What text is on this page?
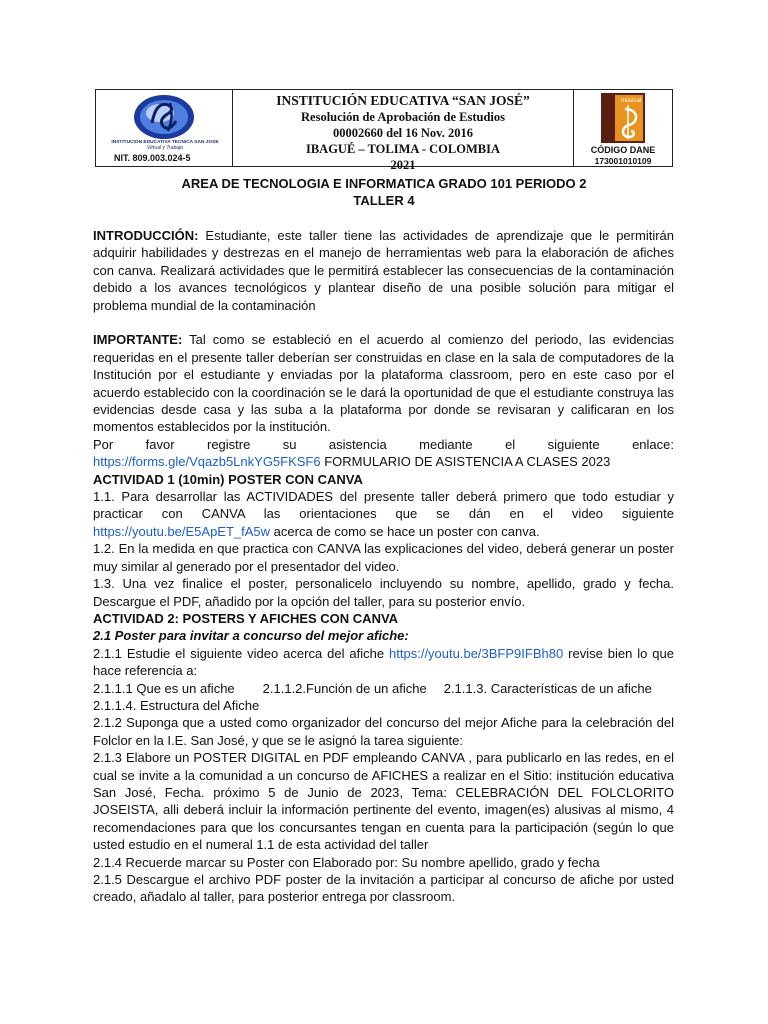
INSTITUCION EDUCATIVA TECNICA SAN JOSE
Virtual y Trabajo
NIT. 809.003.024-5
INSTITUCIÓN EDUCATIVA “SAN JOSÉ”
Resolución de Aprobación de Estudios
00002660 del 16 Nov. 2016
IBAGUÉ – TOLIMA - COLOMBIA
2021
musical
CÓDIGO DANE
173001010109
AREA DE TECNOLOGIA E INFORMATICA GRADO 101 PERIODO 2
TALLER 4

INTRODUCCIÓN: Estudiante, este taller tiene las actividades de aprendizaje que le permitirán adquirir habilidades y destrezas en el manejo de herramientas web para la elaboración de afiches con canva. Realizará actividades que le permitirá establecer las consecuencias de la contaminación debido a los avances tecnológicos y plantear diseño de una posible solución para mitigar el problema mundial de la contaminación

IMPORTANTE: Tal como se estableció en el acuerdo al comienzo del periodo, las evidencias requeridas en el presente taller deberían ser construidas en clase en la sala de computadores de la Institución por el estudiante y enviadas por la plataforma classroom, pero en este caso por el acuerdo establecido con la coordinación se le dará la oportunidad de que el estudiante construya las evidencias desde casa y las suba a la plataforma por donde se revisaran y calificaran en los momentos establecidos por la institución.

Por favor registre su asistencia mediante el siguiente enlace:

https://forms.gle/Vqazb5LnkYG5FKSF6 FORMULARIO DE ASISTENCIA A CLASES 2023

ACTIVIDAD 1 (10min) POSTER CON CANVA

1.1. Para desarrollar las ACTIVIDADES del presente taller deberá primero que todo estudiar y practicar con CANVA las orientaciones que se dán en el video siguiente https://youtu.be/E5ApET_fA5w acerca de como se hace un poster con canva.

1.2. En la medida en que practica con CANVA las explicaciones del video, deberá generar un poster muy similar al generado por el presentador del video.

1.3. Una vez finalice el poster, personalicelo incluyendo su nombre, apellido, grado y fecha. Descargue el PDF, añadido por la opción del taller, para su posterior envío.

ACTIVIDAD 2: POSTERS Y AFICHES CON CANVA

2.1 Poster para invitar a concurso del mejor afiche:

2.1.1 Estudie el siguiente video acerca del afiche https://youtu.be/3BFP9IFBh80 revise bien lo que hace referencia a:

2.1.1.1 Que es un afiche 2.1.1.2.Función de un afiche 2.1.1.3. Características de un afiche

2.1.1.4. Estructura del Afiche

2.1.2 Suponga que a usted como organizador del concurso del mejor Afiche para la celebración del Folclor en la I.E. San José, y que se le asignó la tarea siguiente:

2.1.3 Elabore un POSTER DIGITAL en PDF empleando CANVA , para publicarlo en las redes, en el cual se invite a la comunidad a un concurso de AFICHES a realizar en el Sitio: institución educativa San José, Fecha. próximo 5 de Junio de 2023, Tema: CELEBRACIÓN DEL FOLCLORITO JOSEISTA, alli deberá incluir la información pertinente del evento, imagen(es) alusivas al mismo, 4 recomendaciones para que los concursantes tengan en cuenta para la participación (según lo que usted estudio en el numeral 1.1 de esta actividad del taller

2.1.4 Recuerde marcar su Poster con Elaborado por: Su nombre apellido, grado y fecha

2.1.5 Descargue el archivo PDF poster de la invitación a participar al concurso de afiche por usted creado, añadalo al taller, para posterior entrega por classroom.
